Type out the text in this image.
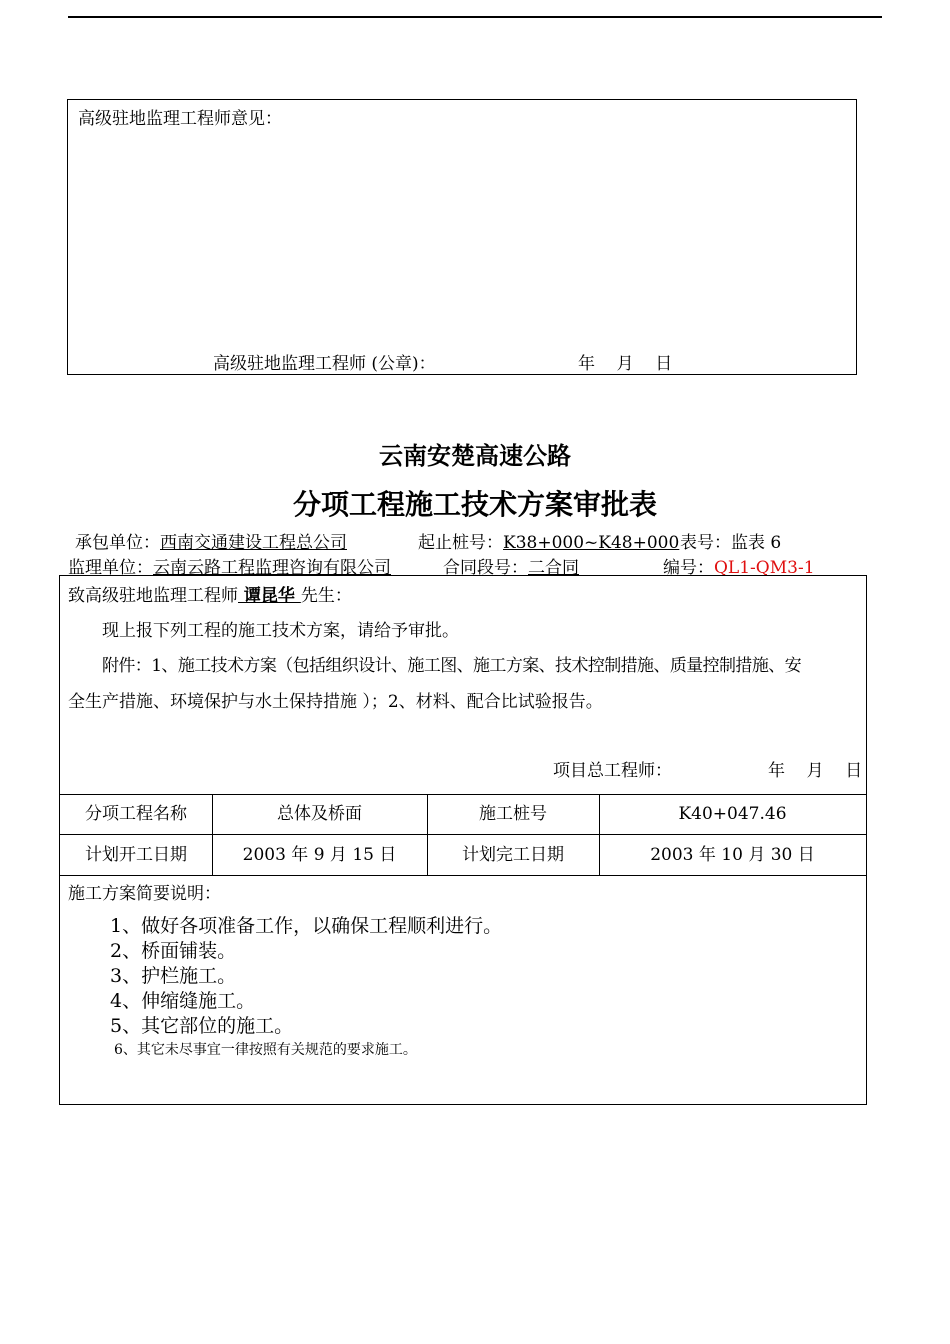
高级驻地监理工程师意见：
高级驻地监理工程师 (公章)：	年    月    日
云南安楚高速公路
分项工程施工技术方案审批表
承包单位：西南交通建设工程总公司	起止桩号：K38+000~K48+000 表号：监表 6
监理单位：云南云路工程监理咨询有限公司	合同段号：二合同	编号：QL1-QM3-1
致高级驻地监理工程师 谭昆华 先生：
现上报下列工程的施工技术方案，请给予审批。
附件：1、施工技术方案（包括组织设计、施工图、施工方案、技术控制措施、质量控制措施、安
全生产措施、环境保护与水土保持措施 ）；2、材料、配合比试验报告。
项目总工程师：	年    月    日
分项工程名称	总体及桥面	施工桩号	K40+047.46
计划开工日期	2003 年 9 月 15 日	计划完工日期	2003 年 10 月 30 日
施工方案简要说明：
1、做好各项准备工作，以确保工程顺利进行。
2、桥面铺装。
3、护栏施工。
4、伸缩缝施工。
5、其它部位的施工。
6、其它未尽事宜一律按照有关规范的要求施工。
